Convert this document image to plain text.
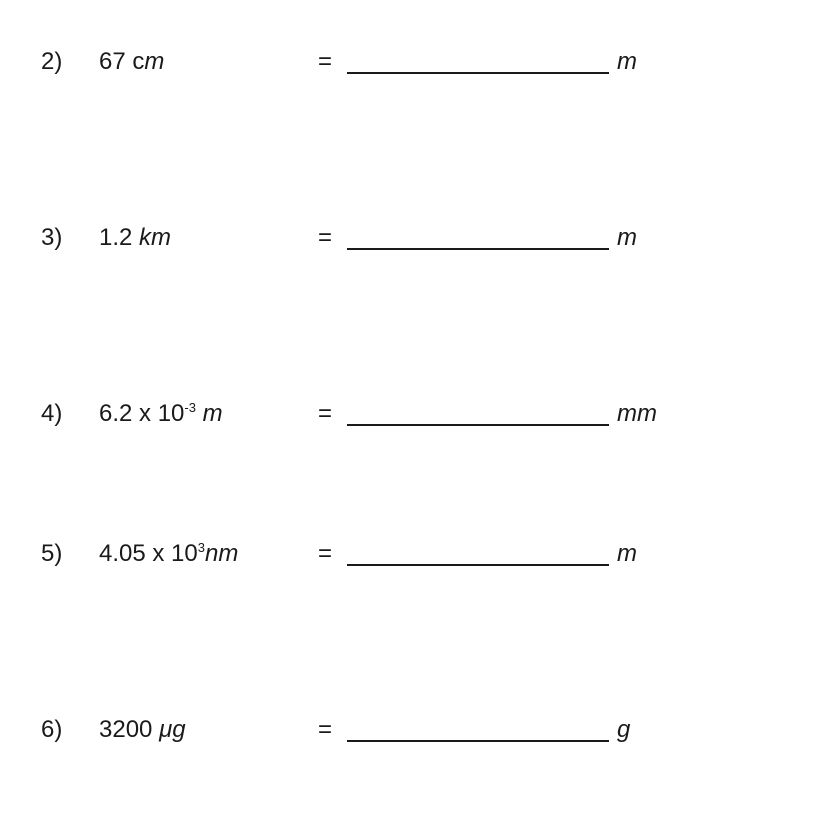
2) 67 cm	=	m
3) 1.2 km	=	m
4) 6.2 x $10^{-3}$ m	=	mm
5) 4.05 x $10^3nm$	=	m
6) 3200 μg	=	g
